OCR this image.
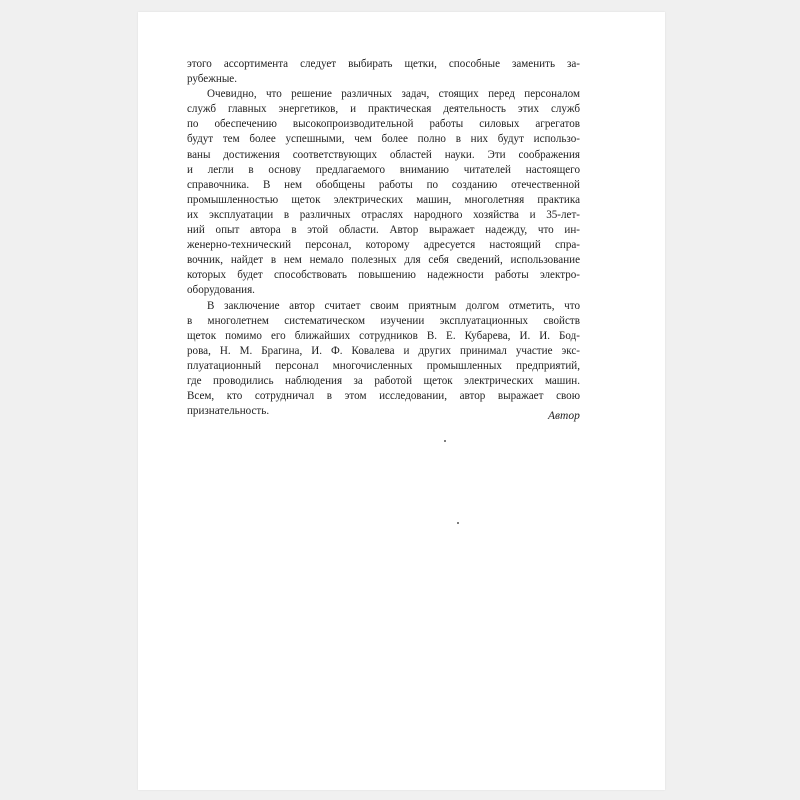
этого ассортимента следует выбирать щетки, способные заменить за-
рубежные.
Очевидно, что решение различных задач, стоящих перед персоналом
служб главных энергетиков, и практическая деятельность этих служб
по обеспечению высокопроизводительной работы силовых агрегатов
будут тем более успешными, чем более полно в них будут использо-
ваны достижения соответствующих областей науки. Эти соображения
и легли в основу предлагаемого вниманию читателей настоящего
справочника. В нем обобщены работы по созданию отечественной
промышленностью щеток электрических машин, многолетняя практика
их эксплуатации в различных отраслях народного хозяйства и 35-лет-
ний опыт автора в этой области. Автор выражает надежду, что ин-
женерно-технический персонал, которому адресуется настоящий спра-
вочник, найдет в нем немало полезных для себя сведений, использование
которых будет способствовать повышению надежности работы электро-
оборудования.
В заключение автор считает своим приятным долгом отметить, что
в многолетнем систематическом изучении эксплуатационных свойств
щеток помимо его ближайших сотрудников В. Е. Кубарева, И. И. Бод-
рова, Н. М. Брагина, И. Ф. Ковалева и других принимал участие экс-
плуатационный персонал многочисленных промышленных предприятий,
где проводились наблюдения за работой щеток электрических машин.
Всем, кто сотрудничал в этом исследовании, автор выражает свою
признательность.	Автор
